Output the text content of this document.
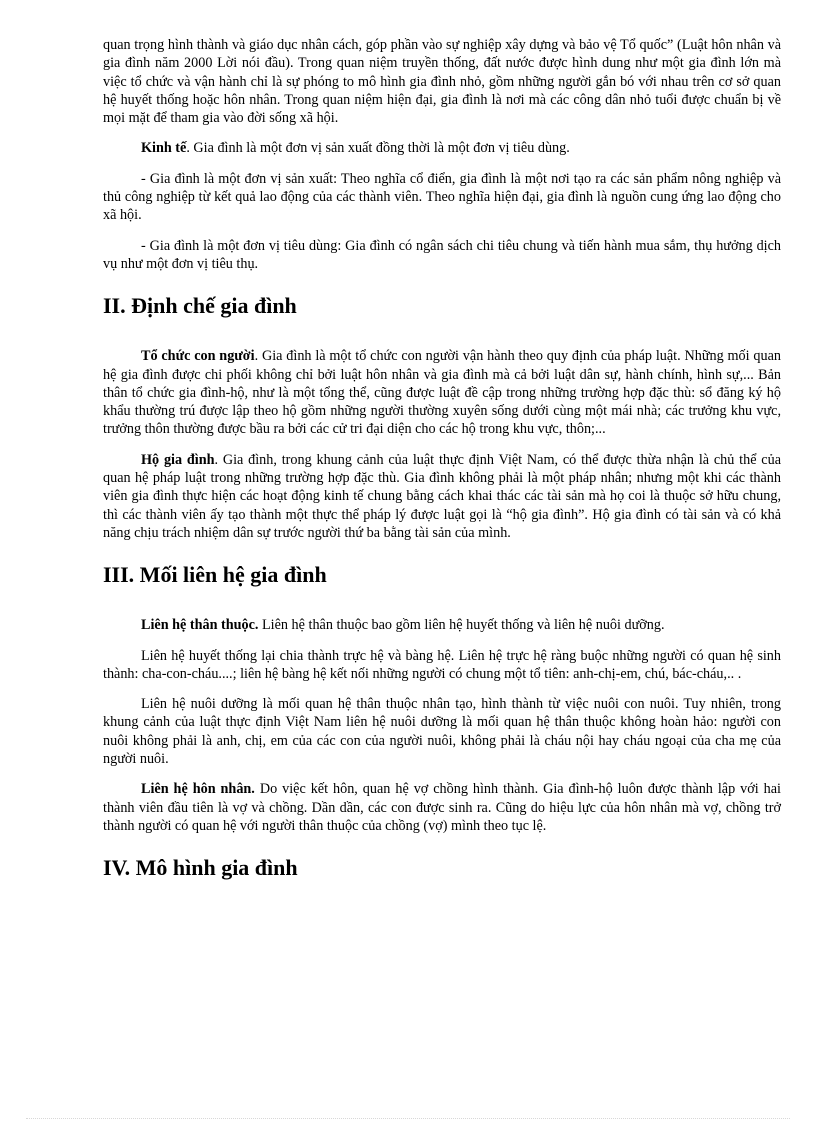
quan trọng hình thành và giáo dục nhân cách, góp phần vào sự nghiệp xây dựng và bảo vệ Tổ quốc” (Luật hôn nhân và gia đình năm 2000 Lời nói đầu). Trong quan niệm truyền thống, đất nước được hình dung như một gia đình lớn mà việc tổ chức và vận hành chỉ là sự phóng to mô hình gia đình nhỏ, gồm những người gắn bó với nhau trên cơ sở quan hệ huyết thống hoặc hôn nhân. Trong quan niệm hiện đại, gia đình là nơi mà các công dân nhỏ tuổi được chuẩn bị về mọi mặt để tham gia vào đời sống xã hội.

Kinh tế. Gia đình là một đơn vị sản xuất đồng thời là một đơn vị tiêu dùng.

- Gia đình là một đơn vị sản xuất: Theo nghĩa cổ điển, gia đình là một nơi tạo ra các sản phẩm nông nghiệp và thủ công nghiệp từ kết quả lao động của các thành viên. Theo nghĩa hiện đại, gia đình là nguồn cung ứng lao động cho xã hội.

- Gia đình là một đơn vị tiêu dùng: Gia đình có ngân sách chi tiêu chung và tiến hành mua sắm, thụ hưởng dịch vụ như một đơn vị tiêu thụ.

II. Định chế gia đình

Tổ chức con người. Gia đình là một tổ chức con người vận hành theo quy định của pháp luật. Những mối quan hệ gia đình được chi phối không chỉ bởi luật hôn nhân và gia đình mà cả bởi luật dân sự, hành chính, hình sự,... Bản thân tổ chức gia đình-hộ, như là một tổng thể, cũng được luật đề cập trong những trường hợp đặc thù: sổ đăng ký hộ khẩu thường trú được lập theo hộ gồm những người thường xuyên sống dưới cùng một mái nhà; các trưởng khu vực, trưởng thôn thường được bầu ra bởi các cử tri đại diện cho các hộ trong khu vực, thôn;...

Hộ gia đình. Gia đình, trong khung cảnh của luật thực định Việt Nam, có thể được thừa nhận là chủ thể của quan hệ pháp luật trong những trường hợp đặc thù. Gia đình không phải là một pháp nhân; nhưng một khi các thành viên gia đình thực hiện các hoạt động kinh tế chung bằng cách khai thác các tài sản mà họ coi là thuộc sở hữu chung, thì các thành viên ấy tạo thành một thực thể pháp lý được luật gọi là “hộ gia đình”. Hộ gia đình có tài sản và có khả năng chịu trách nhiệm dân sự trước người thứ ba bằng tài sản của mình.

III. Mối liên hệ gia đình

Liên hệ thân thuộc. Liên hệ thân thuộc bao gồm liên hệ huyết thống và liên hệ nuôi dưỡng.

Liên hệ huyết thống lại chia thành trực hệ và bàng hệ. Liên hệ trực hệ ràng buộc những người có quan hệ sinh thành: cha-con-cháu....; liên hệ bàng hệ kết nối những người có chung một tổ tiên: anh-chị-em, chú, bác-cháu,.. .

Liên hệ nuôi dưỡng là mối quan hệ thân thuộc nhân tạo, hình thành từ việc nuôi con nuôi. Tuy nhiên, trong khung cảnh của luật thực định Việt Nam liên hệ nuôi dưỡng là mối quan hệ thân thuộc không hoàn hảo: người con nuôi không phải là anh, chị, em của các con của người nuôi, không phải là cháu nội hay cháu ngoại của cha mẹ của người nuôi.

Liên hệ hôn nhân. Do việc kết hôn, quan hệ vợ chồng hình thành. Gia đình-hộ luôn được thành lập với hai thành viên đầu tiên là vợ và chồng. Dần dần, các con được sinh ra. Cũng do hiệu lực của hôn nhân mà vợ, chồng trở thành người có quan hệ với người thân thuộc của chồng (vợ) mình theo tục lệ.

IV. Mô hình gia đình
